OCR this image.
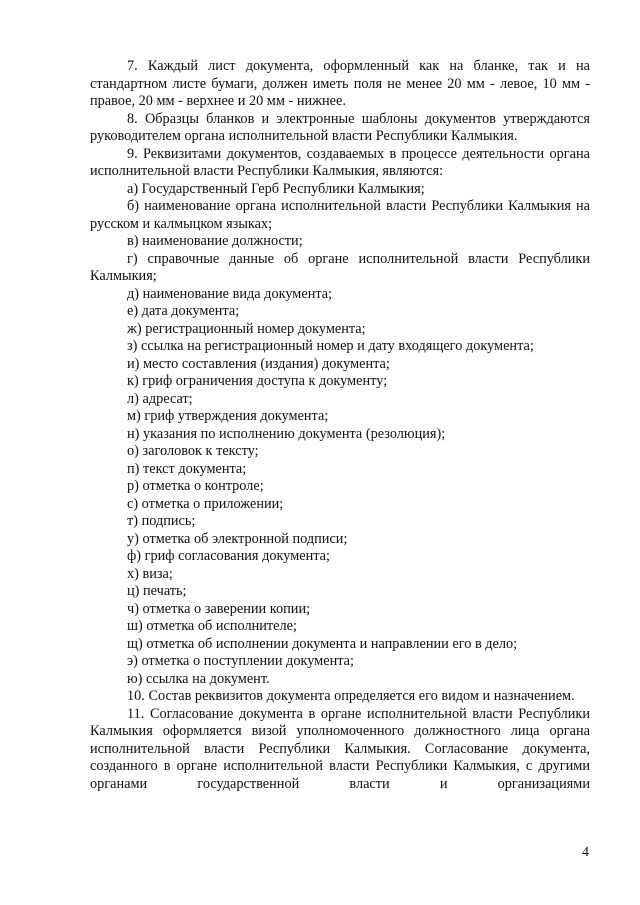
7. Каждый лист документа, оформленный как на бланке, так и на стандартном листе бумаги, должен иметь поля не менее 20 мм - левое, 10 мм - правое, 20 мм - верхнее и 20 мм - нижнее.

8. Образцы бланков и электронные шаблоны документов утверждаются руководителем органа исполнительной власти Республики Калмыкия.

9. Реквизитами документов, создаваемых в процессе деятельности органа исполнительной власти Республики Калмыкия, являются:

а) Государственный Герб Республики Калмыкия;

б) наименование органа исполнительной власти Республики Калмыкия на русском и калмыцком языках;

в) наименование должности;

г) справочные данные об органе исполнительной власти Республики Калмыкия;

д) наименование вида документа;

е) дата документа;

ж) регистрационный номер документа;

з) ссылка на регистрационный номер и дату входящего документа;

и) место составления (издания) документа;

к) гриф ограничения доступа к документу;

л) адресат;

м) гриф утверждения документа;

н) указания по исполнению документа (резолюция);

о) заголовок к тексту;

п) текст документа;

р) отметка о контроле;

с) отметка о приложении;

т) подпись;

у) отметка об электронной подписи;

ф) гриф согласования документа;

х) виза;

ц) печать;

ч) отметка о заверении копии;

ш) отметка об исполнителе;

щ) отметка об исполнении документа и направлении его в дело;

э) отметка о поступлении документа;

ю) ссылка на документ.

10. Состав реквизитов документа определяется его видом и назначением.

11. Согласование документа в органе исполнительной власти Республики Калмыкия оформляется визой уполномоченного должностного лица органа исполнительной власти Республики Калмыкия. Согласование документа, созданного в органе исполнительной власти Республики Калмыкия, с другими органами государственной власти и организациями

4
